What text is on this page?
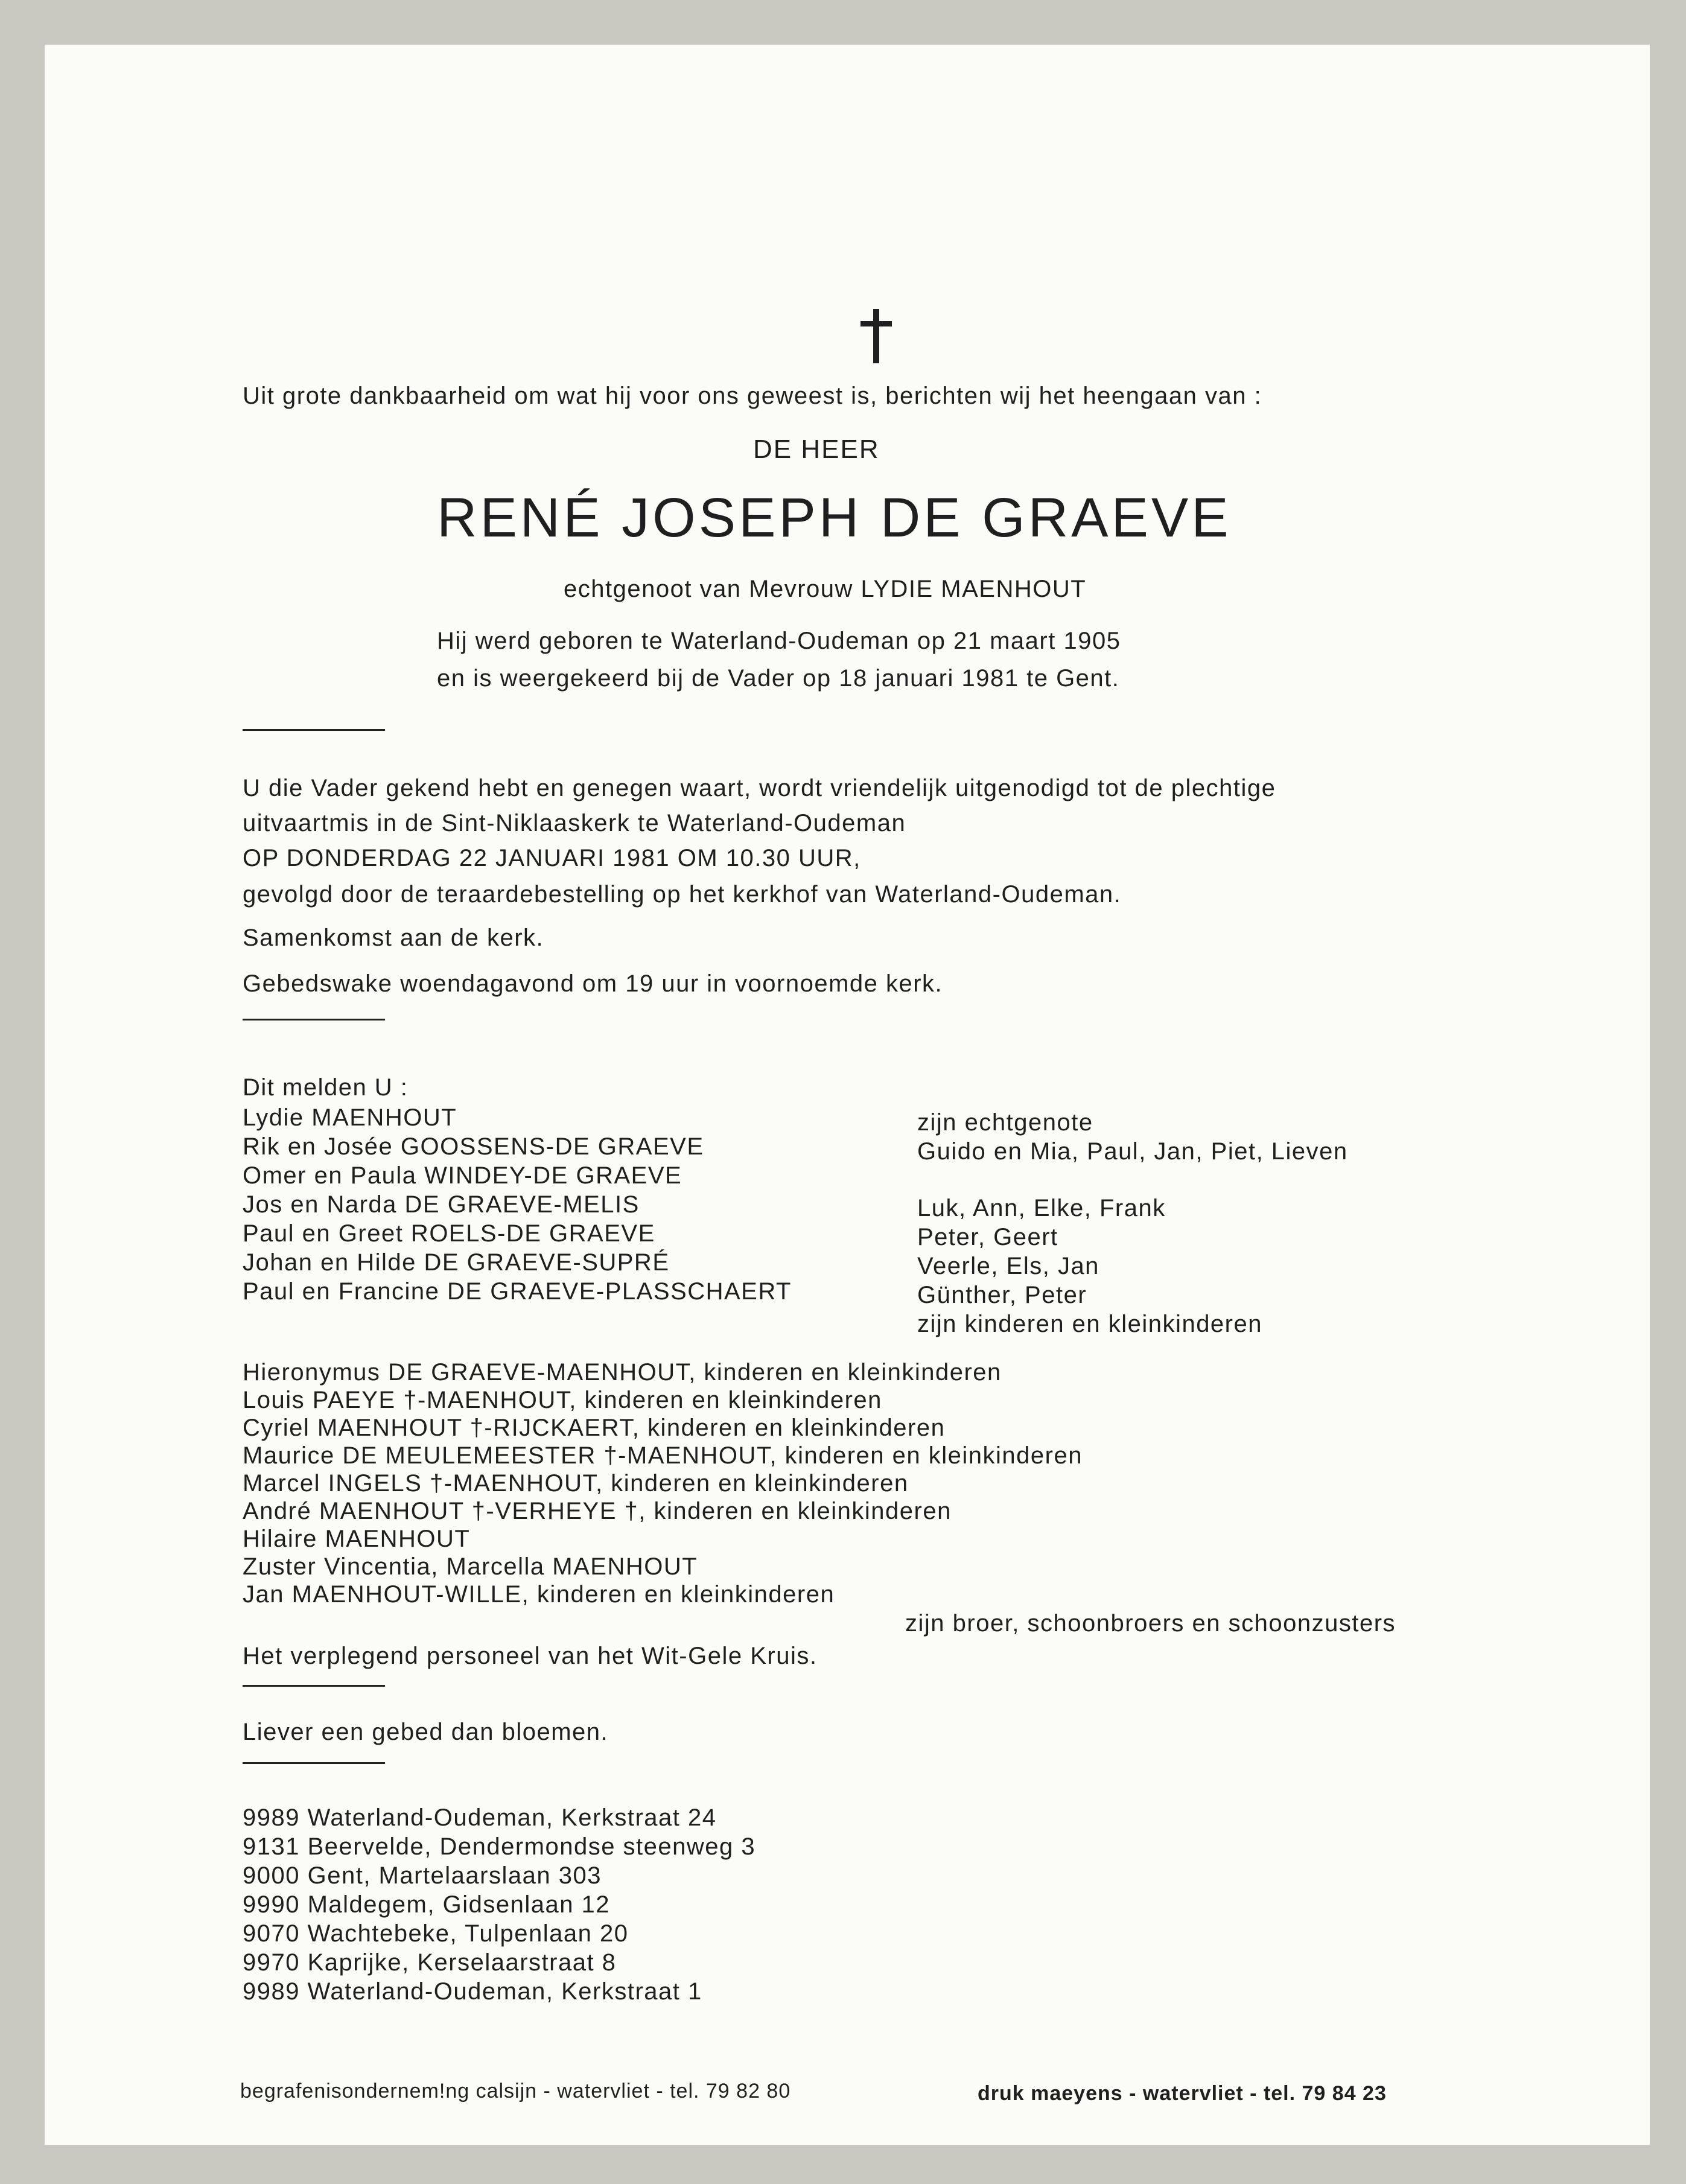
Uit grote dankbaarheid om wat hij voor ons geweest is, berichten wij het heengaan van :
DE HEER
RENÉ JOSEPH DE GRAEVE
echtgenoot van Mevrouw LYDIE MAENHOUT
Hij werd geboren te Waterland-Oudeman op 21 maart 1905
en is weergekeerd bij de Vader op 18 januari 1981 te Gent.
U die Vader gekend hebt en genegen waart, wordt vriendelijk uitgenodigd tot de plechtige
uitvaartmis in de Sint-Niklaaskerk te Waterland-Oudeman
OP DONDERDAG 22 JANUARI 1981 OM 10.30 UUR,
gevolgd door de teraardebestelling op het kerkhof van Waterland-Oudeman.
Samenkomst aan de kerk.
Gebedswake woendagavond om 19 uur in voornoemde kerk.
Dit melden U :
Lydie MAENHOUT
Rik en Josée GOOSSENS-DE GRAEVE
Omer en Paula WINDEY-DE GRAEVE
Jos en Narda DE GRAEVE-MELIS
Paul en Greet ROELS-DE GRAEVE
Johan en Hilde DE GRAEVE-SUPRÉ
Paul en Francine DE GRAEVE-PLASSCHAERT
zijn echtgenote
Guido en Mia, Paul, Jan, Piet, Lieven
Luk, Ann, Elke, Frank
Peter, Geert
Veerle, Els, Jan
Günther, Peter
zijn kinderen en kleinkinderen
Hieronymus DE GRAEVE-MAENHOUT, kinderen en kleinkinderen
Louis PAEYE †-MAENHOUT, kinderen en kleinkinderen
Cyriel MAENHOUT †-RIJCKAERT, kinderen en kleinkinderen
Maurice DE MEULEMEESTER †-MAENHOUT, kinderen en kleinkinderen
Marcel INGELS †-MAENHOUT, kinderen en kleinkinderen
André MAENHOUT †-VERHEYE †, kinderen en kleinkinderen
Hilaire MAENHOUT
Zuster Vincentia, Marcella MAENHOUT
Jan MAENHOUT-WILLE, kinderen en kleinkinderen
zijn broer, schoonbroers en schoonzusters
Het verplegend personeel van het Wit-Gele Kruis.
Liever een gebed dan bloemen.
9989 Waterland-Oudeman, Kerkstraat 24
9131 Beervelde, Dendermondse steenweg 3
9000 Gent, Martelaarslaan 303
9990 Maldegem, Gidsenlaan 12
9070 Wachtebeke, Tulpenlaan 20
9970 Kaprijke, Kerselaarstraat 8
9989 Waterland-Oudeman, Kerkstraat 1
begrafenisondernem!ng calsijn - watervliet - tel. 79 82 80	druk maeyens - watervliet - tel. 79 84 23
